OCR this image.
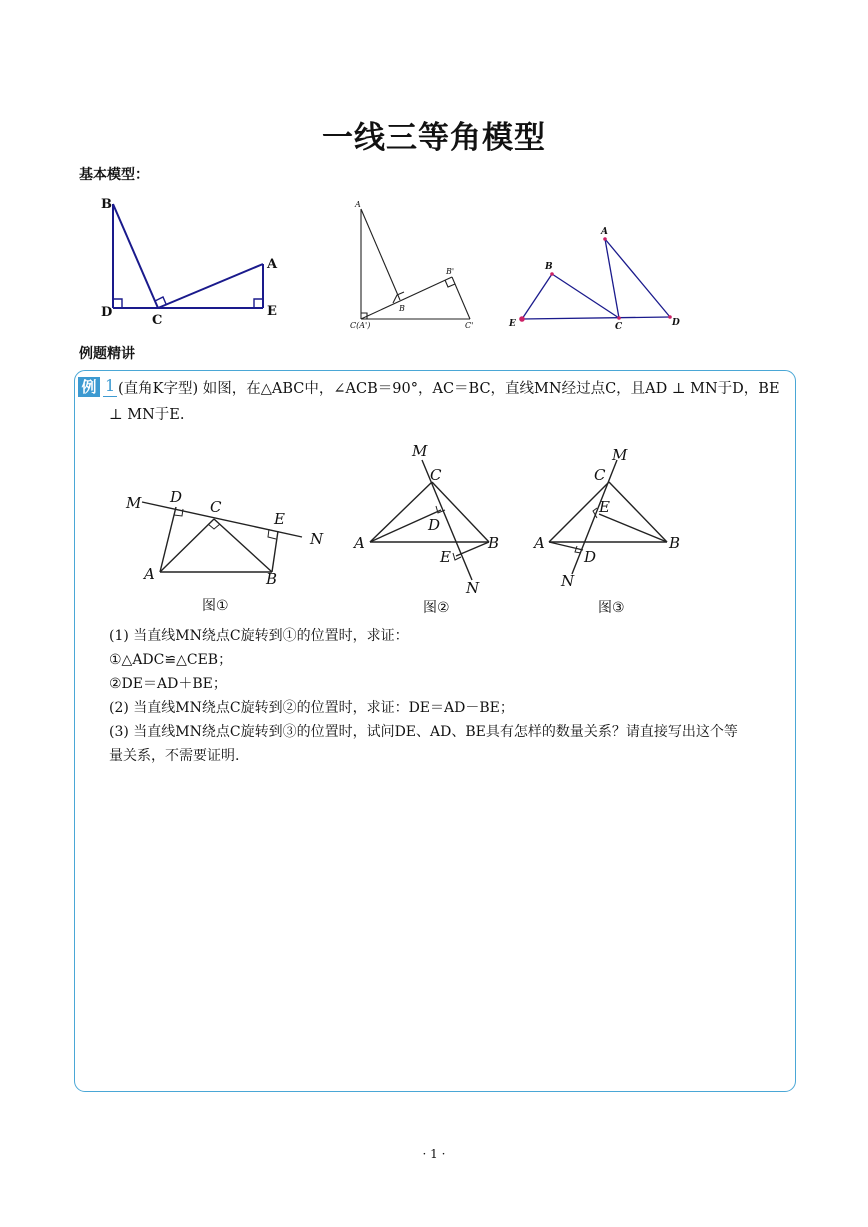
一线三等角模型
基本模型：
B
A
D
C
E
A
B
B'
C(A')	C'
A
B
E	C	D
例题精讲
例 1 (直角K字型) 如图，在△ABC中，∠ACB＝90°，AC＝BC，直线MN经过点C，且AD ⊥ MN于D，BE
⊥ MN于E.
M D
C
E
N
A	B
图①
M
C
D
A
E
B
N
图②
C
M
E
A	B
D
N
图③
(1) 当直线MN绕点C旋转到①的位置时，求证：
①△ADC≌△CEB；
②DE＝AD＋BE；
(2) 当直线MN绕点C旋转到②的位置时，求证：DE＝AD－BE；
(3) 当直线MN绕点C旋转到③的位置时，试问DE、AD、BE具有怎样的数量关系？请直接写出这个等
量关系，不需要证明.
· 1 ·
